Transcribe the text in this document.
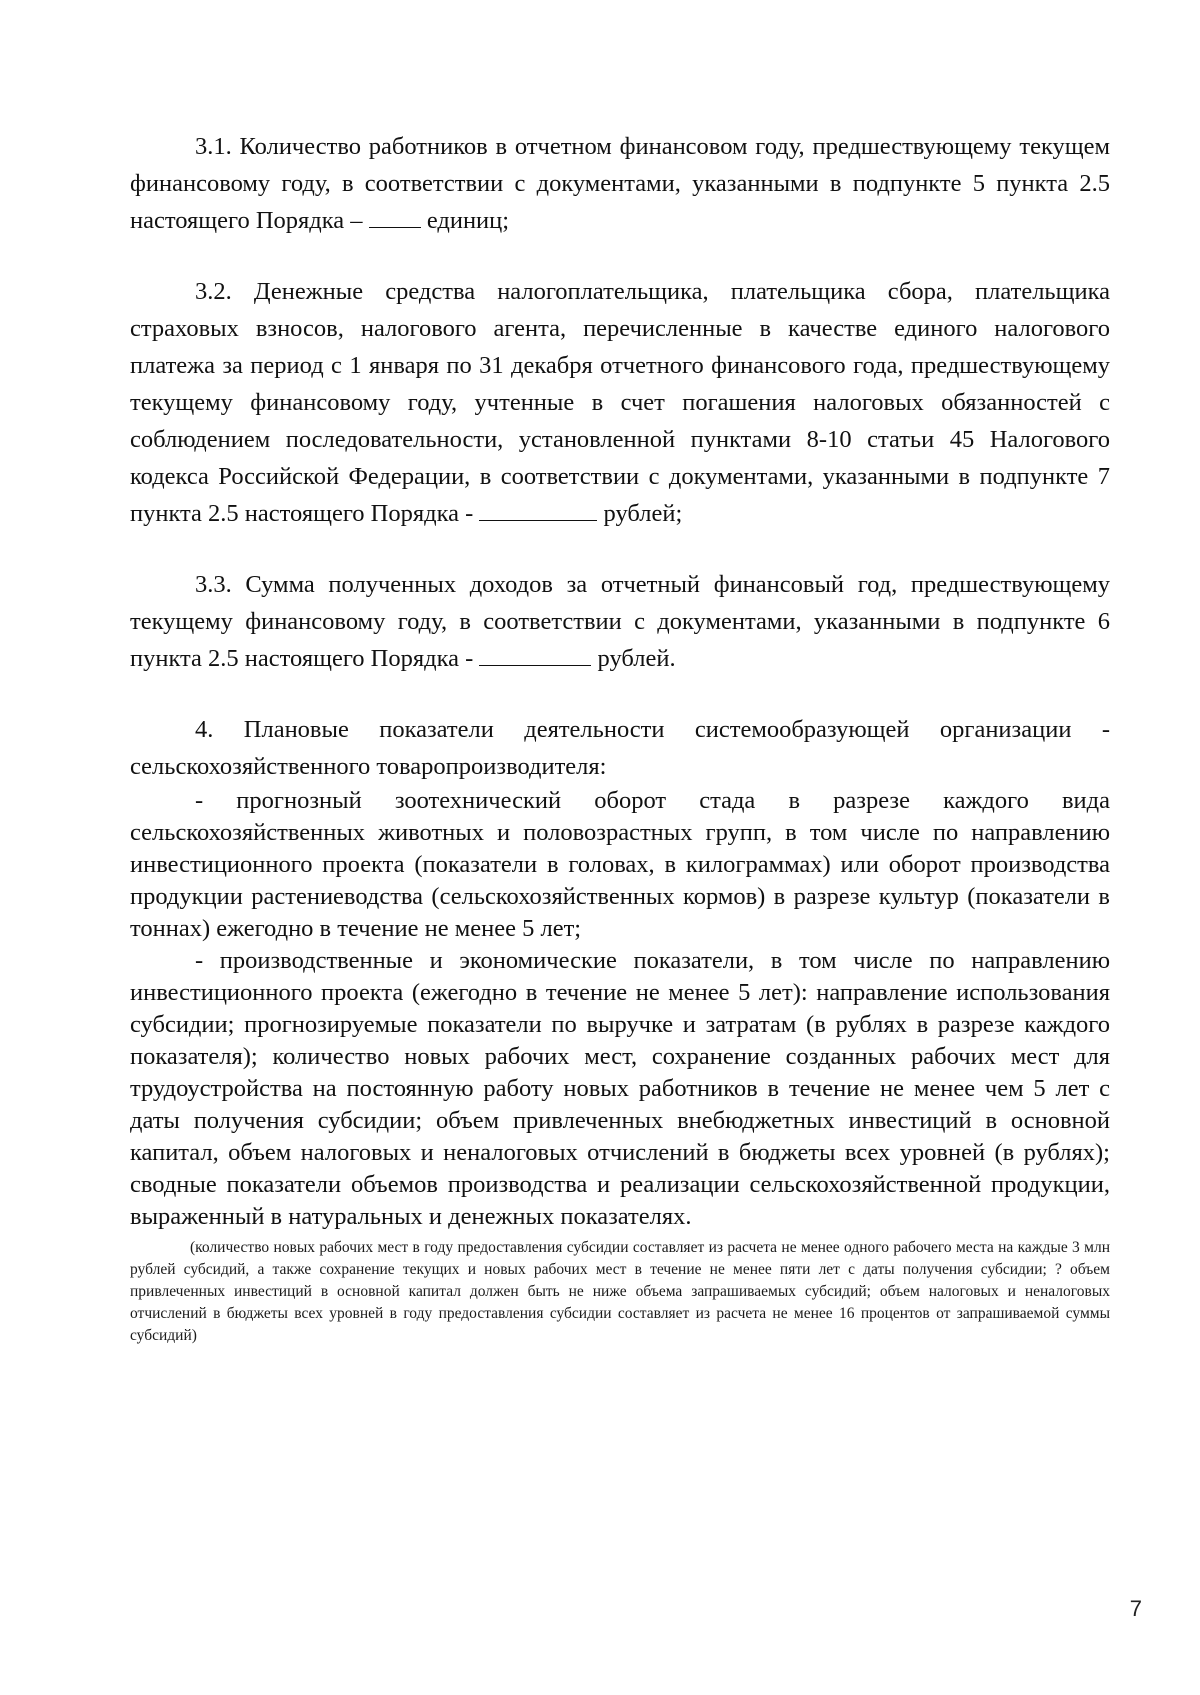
3.1. Количество работников в отчетном финансовом году, предшествующему текущем финансовому году, в соответствии с документами, указанными в подпункте 5 пункта 2.5 настоящего Порядка –  единиц;

3.2. Денежные средства налогоплательщика, плательщика сбора, плательщика страховых взносов, налогового агента, перечисленные в качестве единого налогового платежа за период с 1 января по 31 декабря отчетного финансового года, предшествующему текущему финансовому году, учтенные в счет погашения налоговых обязанностей с соблюдением последовательности, установленной пунктами 8-10 статьи 45 Налогового кодекса Российской Федерации, в соответствии с документами, указанными в подпункте 7 пункта 2.5 настоящего Порядка -	рублей;

3.3. Сумма полученных доходов за отчетный финансовый год, предшествующему текущему финансовому году, в соответствии с документами, указанными в подпункте 6 пункта 2.5 настоящего Порядка -	рублей.

4. Плановые показатели деятельности системообразующей организации - сельскохозяйственного товаропроизводителя:

- прогнозный зоотехнический оборот стада в разрезе каждого вида сельскохозяйственных животных и половозрастных групп, в том числе по направлению инвестиционного проекта (показатели в головах, в килограммах) или оборот производства продукции растениеводства (сельскохозяйственных кормов) в разрезе культур (показатели в тоннах) ежегодно в течение не менее 5 лет;

- производственные и экономические показатели, в том числе по направлению инвестиционного проекта (ежегодно в течение не менее 5 лет): направление использования субсидии; прогнозируемые показатели по выручке и затратам (в рублях в разрезе каждого показателя); количество новых рабочих мест, сохранение созданных рабочих мест для трудоустройства на постоянную работу новых работников в течение не менее чем 5 лет с даты получения субсидии; объем привлеченных внебюджетных инвестиций в основной капитал, объем налоговых и неналоговых отчислений в бюджеты всех уровней (в рублях); сводные показатели объемов производства и реализации сельскохозяйственной продукции, выраженный в натуральных и денежных показателях.

(количество новых рабочих мест в году предоставления субсидии составляет из расчета не менее одного рабочего места на каждые 3 млн рублей субсидий, а также сохранение текущих и новых рабочих мест в течение не менее пяти лет с даты получения субсидии; ? объем привлеченных инвестиций в основной капитал должен быть не ниже объема запрашиваемых субсидий; объем налоговых и неналоговых отчислений в бюджеты всех уровней в году предоставления субсидии составляет из расчета не менее 16 процентов от запрашиваемой суммы субсидий)

7
